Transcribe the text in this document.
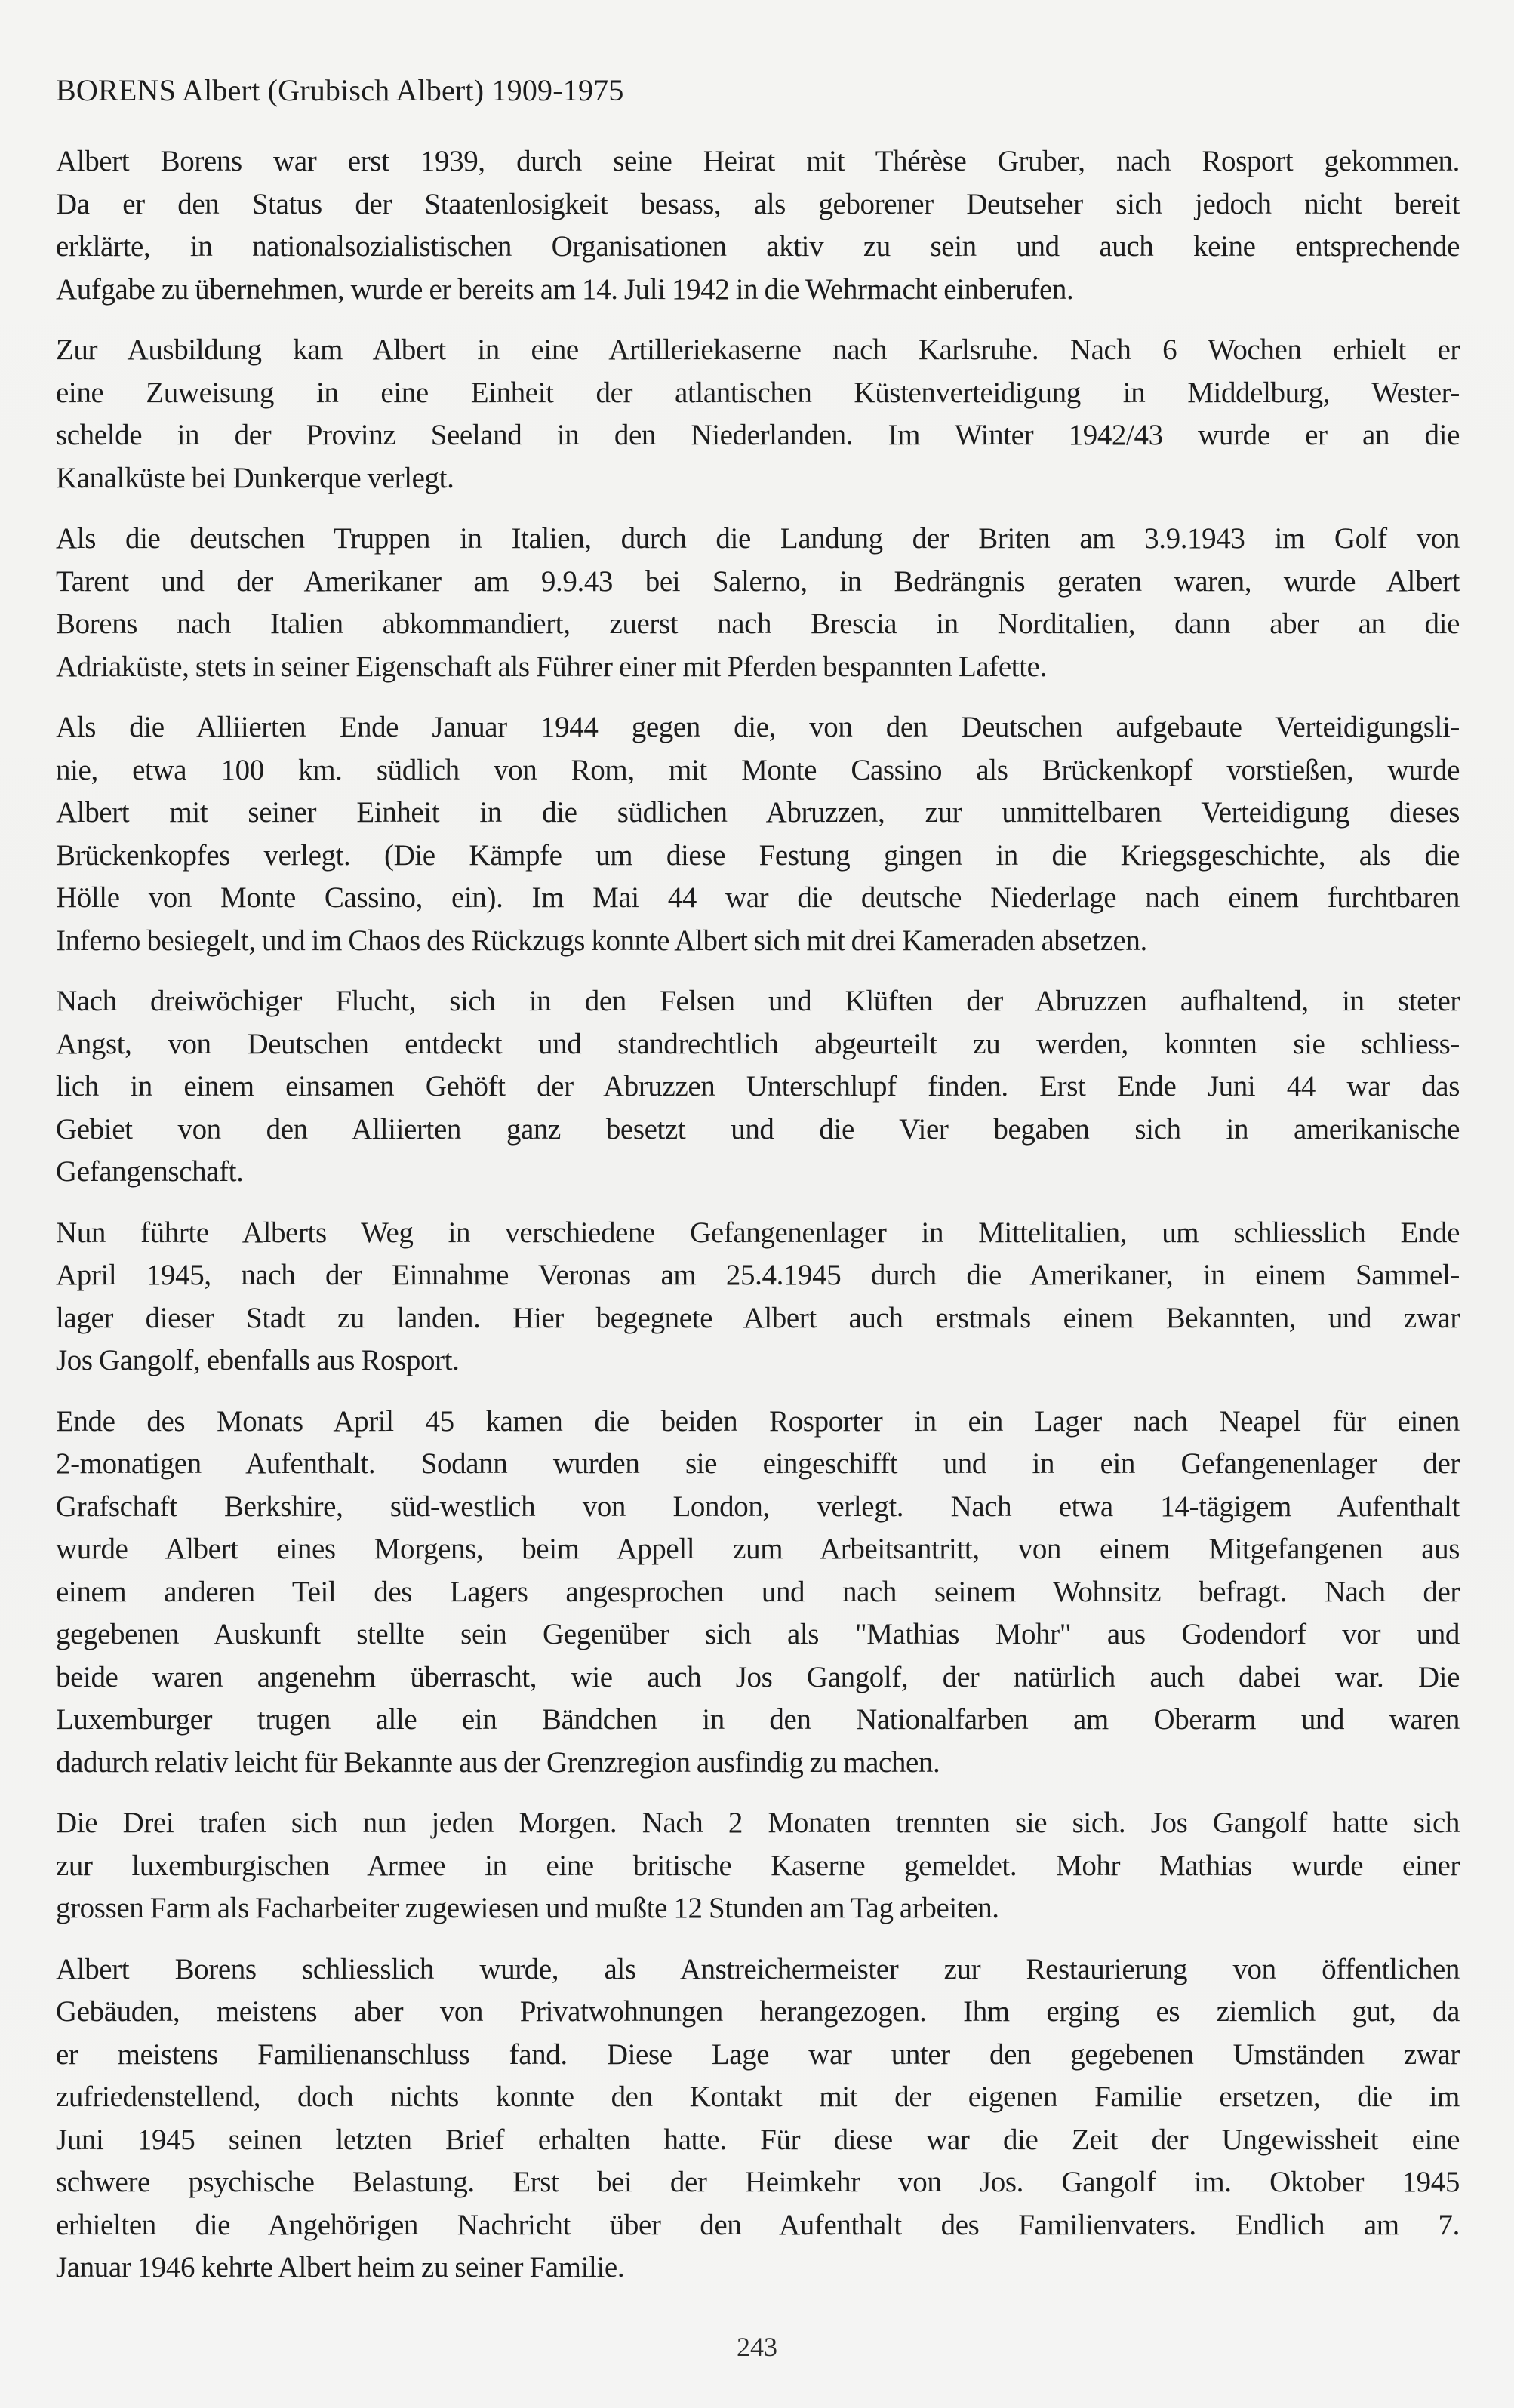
BORENS Albert (Grubisch Albert) 1909-1975

Albert Borens war erst 1939, durch seine Heirat mit Thérèse Gruber, nach Rosport gekommen.
Da er den Status der Staatenlosigkeit besass, als geborener Deutseher sich jedoch nicht bereit
erklärte, in nationalsozialistischen Organisationen aktiv zu sein und auch keine entsprechende
Aufgabe zu übernehmen, wurde er bereits am 14. Juli 1942 in die Wehrmacht einberufen.

Zur Ausbildung kam Albert in eine Artilleriekaserne nach Karlsruhe. Nach 6 Wochen erhielt er
eine Zuweisung in eine Einheit der atlantischen Küstenverteidigung in Middelburg, Wester-
schelde in der Provinz Seeland in den Niederlanden. Im Winter 1942/43 wurde er an die
Kanalküste bei Dunkerque verlegt.

Als die deutschen Truppen in Italien, durch die Landung der Briten am 3.9.1943 im Golf von
Tarent und der Amerikaner am 9.9.43 bei Salerno, in Bedrängnis geraten waren, wurde Albert
Borens nach Italien abkommandiert, zuerst nach Brescia in Norditalien, dann aber an die
Adriaküste, stets in seiner Eigenschaft als Führer einer mit Pferden bespannten Lafette.

Als die Alliierten Ende Januar 1944 gegen die, von den Deutschen aufgebaute Verteidigungsli-
nie, etwa 100 km. südlich von Rom, mit Monte Cassino als Brückenkopf vorstießen, wurde
Albert mit seiner Einheit in die südlichen Abruzzen, zur unmittelbaren Verteidigung dieses
Brückenkopfes verlegt. (Die Kämpfe um diese Festung gingen in die Kriegsgeschichte, als die
Hölle von Monte Cassino, ein). Im Mai 44 war die deutsche Niederlage nach einem furchtbaren
Inferno besiegelt, und im Chaos des Rückzugs konnte Albert sich mit drei Kameraden absetzen.

Nach dreiwöchiger Flucht, sich in den Felsen und Klüften der Abruzzen aufhaltend, in steter
Angst, von Deutschen entdeckt und standrechtlich abgeurteilt zu werden, konnten sie schliess-
lich in einem einsamen Gehöft der Abruzzen Unterschlupf finden. Erst Ende Juni 44 war das
Gebiet von den Alliierten ganz besetzt und die Vier begaben sich in amerikanische
Gefangenschaft.

Nun führte Alberts Weg in verschiedene Gefangenenlager in Mittelitalien, um schliesslich Ende
April 1945, nach der Einnahme Veronas am 25.4.1945 durch die Amerikaner, in einem Sammel-
lager dieser Stadt zu landen. Hier begegnete Albert auch erstmals einem Bekannten, und zwar
Jos Gangolf, ebenfalls aus Rosport.

Ende des Monats April 45 kamen die beiden Rosporter in ein Lager nach Neapel für einen
2-monatigen Aufenthalt. Sodann wurden sie eingeschifft und in ein Gefangenenlager der
Grafschaft Berkshire, süd-westlich von London, verlegt. Nach etwa 14-tägigem Aufenthalt
wurde Albert eines Morgens, beim Appell zum Arbeitsantritt, von einem Mitgefangenen aus
einem anderen Teil des Lagers angesprochen und nach seinem Wohnsitz befragt. Nach der
gegebenen Auskunft stellte sein Gegenüber sich als "Mathias Mohr" aus Godendorf vor und
beide waren angenehm überrascht, wie auch Jos Gangolf, der natürlich auch dabei war. Die
Luxemburger trugen alle ein Bändchen in den Nationalfarben am Oberarm und waren
dadurch relativ leicht für Bekannte aus der Grenzregion ausfindig zu machen.

Die Drei trafen sich nun jeden Morgen. Nach 2 Monaten trennten sie sich. Jos Gangolf hatte sich
zur luxemburgischen Armee in eine britische Kaserne gemeldet. Mohr Mathias wurde einer
grossen Farm als Facharbeiter zugewiesen und mußte 12 Stunden am Tag arbeiten.

Albert Borens schliesslich wurde, als Anstreichermeister zur Restaurierung von öffentlichen
Gebäuden, meistens aber von Privatwohnungen herangezogen. Ihm erging es ziemlich gut, da
er meistens Familienanschluss fand. Diese Lage war unter den gegebenen Umständen zwar
zufriedenstellend, doch nichts konnte den Kontakt mit der eigenen Familie ersetzen, die im
Juni 1945 seinen letzten Brief erhalten hatte. Für diese war die Zeit der Ungewissheit eine
schwere psychische Belastung. Erst bei der Heimkehr von Jos. Gangolf im. Oktober 1945
erhielten die Angehörigen Nachricht über den Aufenthalt des Familienvaters. Endlich am 7.
Januar 1946 kehrte Albert heim zu seiner Familie.

243
